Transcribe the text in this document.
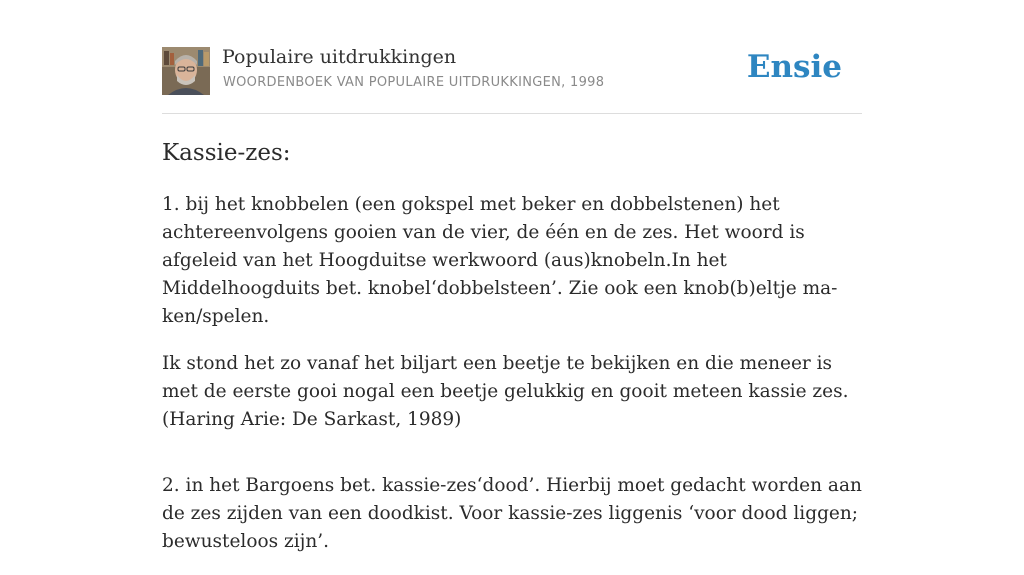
Populaire uitdrukkingen
WOORDENBOEK VAN POPULAIRE UITDRUKKINGEN, 1998	Ensie
Kassie-zes:

1. bij het knobbelen (een gokspel met beker en dobbelstenen) het achtereenvolgens gooien van de vier, de één en de zes. Het woord is afgeleid van het Hoogduitse werkwoord (aus)knobeln.In het Middelhoogduits bet. knobel‘dobbelsteen’. Zie ook een knob(b)eltje ma- ken/spelen.

Ik stond het zo vanaf het biljart een beetje te bekijken en die meneer is met de eerste gooi nogal een beetje gelukkig en gooit meteen kassie zes. (Haring Arie: De Sarkast, 1989)

2. in het Bargoens bet. kassie-zes‘dood’. Hierbij moet gedacht worden aan de zes zijden van een doodkist. Voor kassie-zes liggenis ‘voor dood liggen; bewusteloos zijn’.
